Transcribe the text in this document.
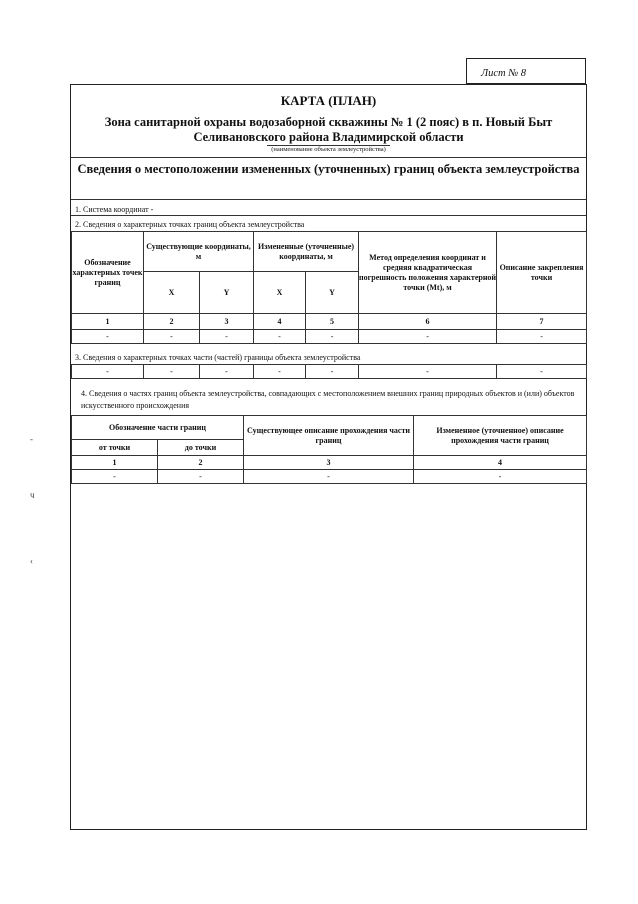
Лист № 8
КАРТА (ПЛАН)
Зона санитарной охраны водозаборной скважины № 1 (2 пояс) в п. Новый Быт Селивановского района Владимирской области
(наименование объекта землеустройства)
Сведения о местоположении измененных (уточненных) границ объекта землеустройства
1. Система координат -
2. Сведения о характерных точках границ объекта землеустройства
Обозначение характерных точек границ	Существующие координаты, м		Измененные (уточненные) координаты, м		Метод определения координат и средняя квадратическая погрешность положения характерной точки (Mt), м	Описание закрепления точки
	X	Y	X	Y		
1	2	3	4	5	6	7
-	-	-	-	-	-	-
3. Сведения о характерных точках части (частей) границы объекта землеустройства
-	-	-	-	-	-	-
4. Сведения о частях границ объекта землеустройства, совпадающих с местоположением внешних границ природных объектов и (или) объектов искусственного происхождения
Обозначение части границ		Существующее описание прохождения части границ	Измененное (уточненное) описание прохождения части границ
от точки	до точки		
1	2	3	4
-	-	-	-
-
ч
‹
